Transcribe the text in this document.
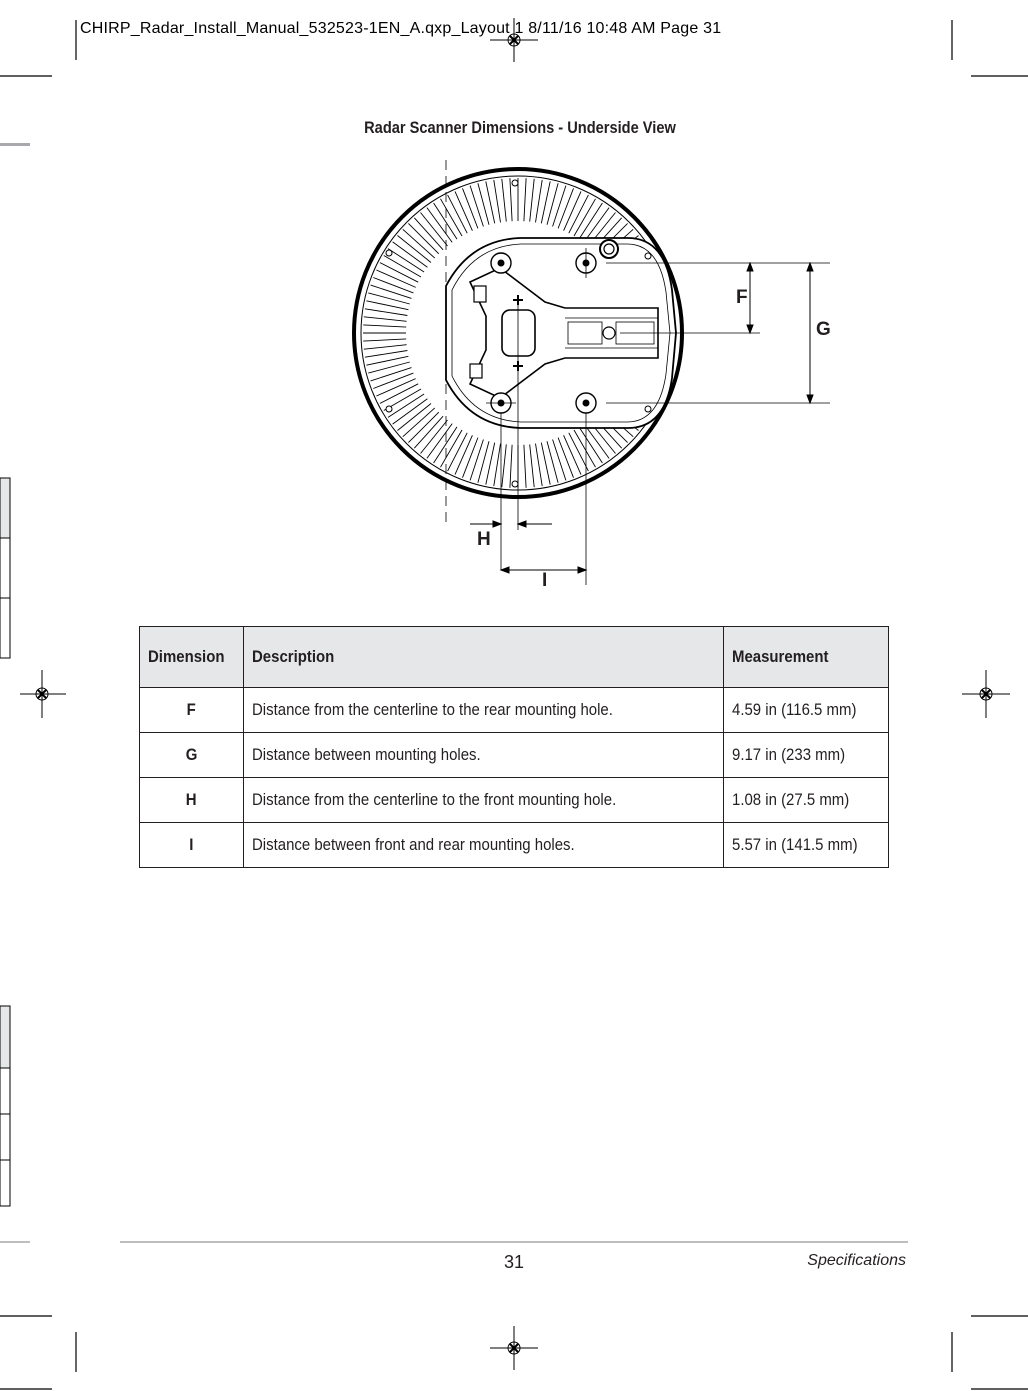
CHIRP_Radar_Install_Manual_532523-1EN_A.qxp_Layout 1 8/11/16 10:48 AM Page 31
Radar Scanner Dimensions - Underside View
F
G
H
I
Dimension	Description	Measurement
F	Distance from the centerline to the rear mounting hole.	4.59 in (116.5 mm)
G	Distance between mounting holes.	9.17 in (233 mm)
H	Distance from the centerline to the front mounting hole.	1.08 in (27.5 mm)
I	Distance between front and rear mounting holes.	5.57 in (141.5 mm)
31	Specifications
